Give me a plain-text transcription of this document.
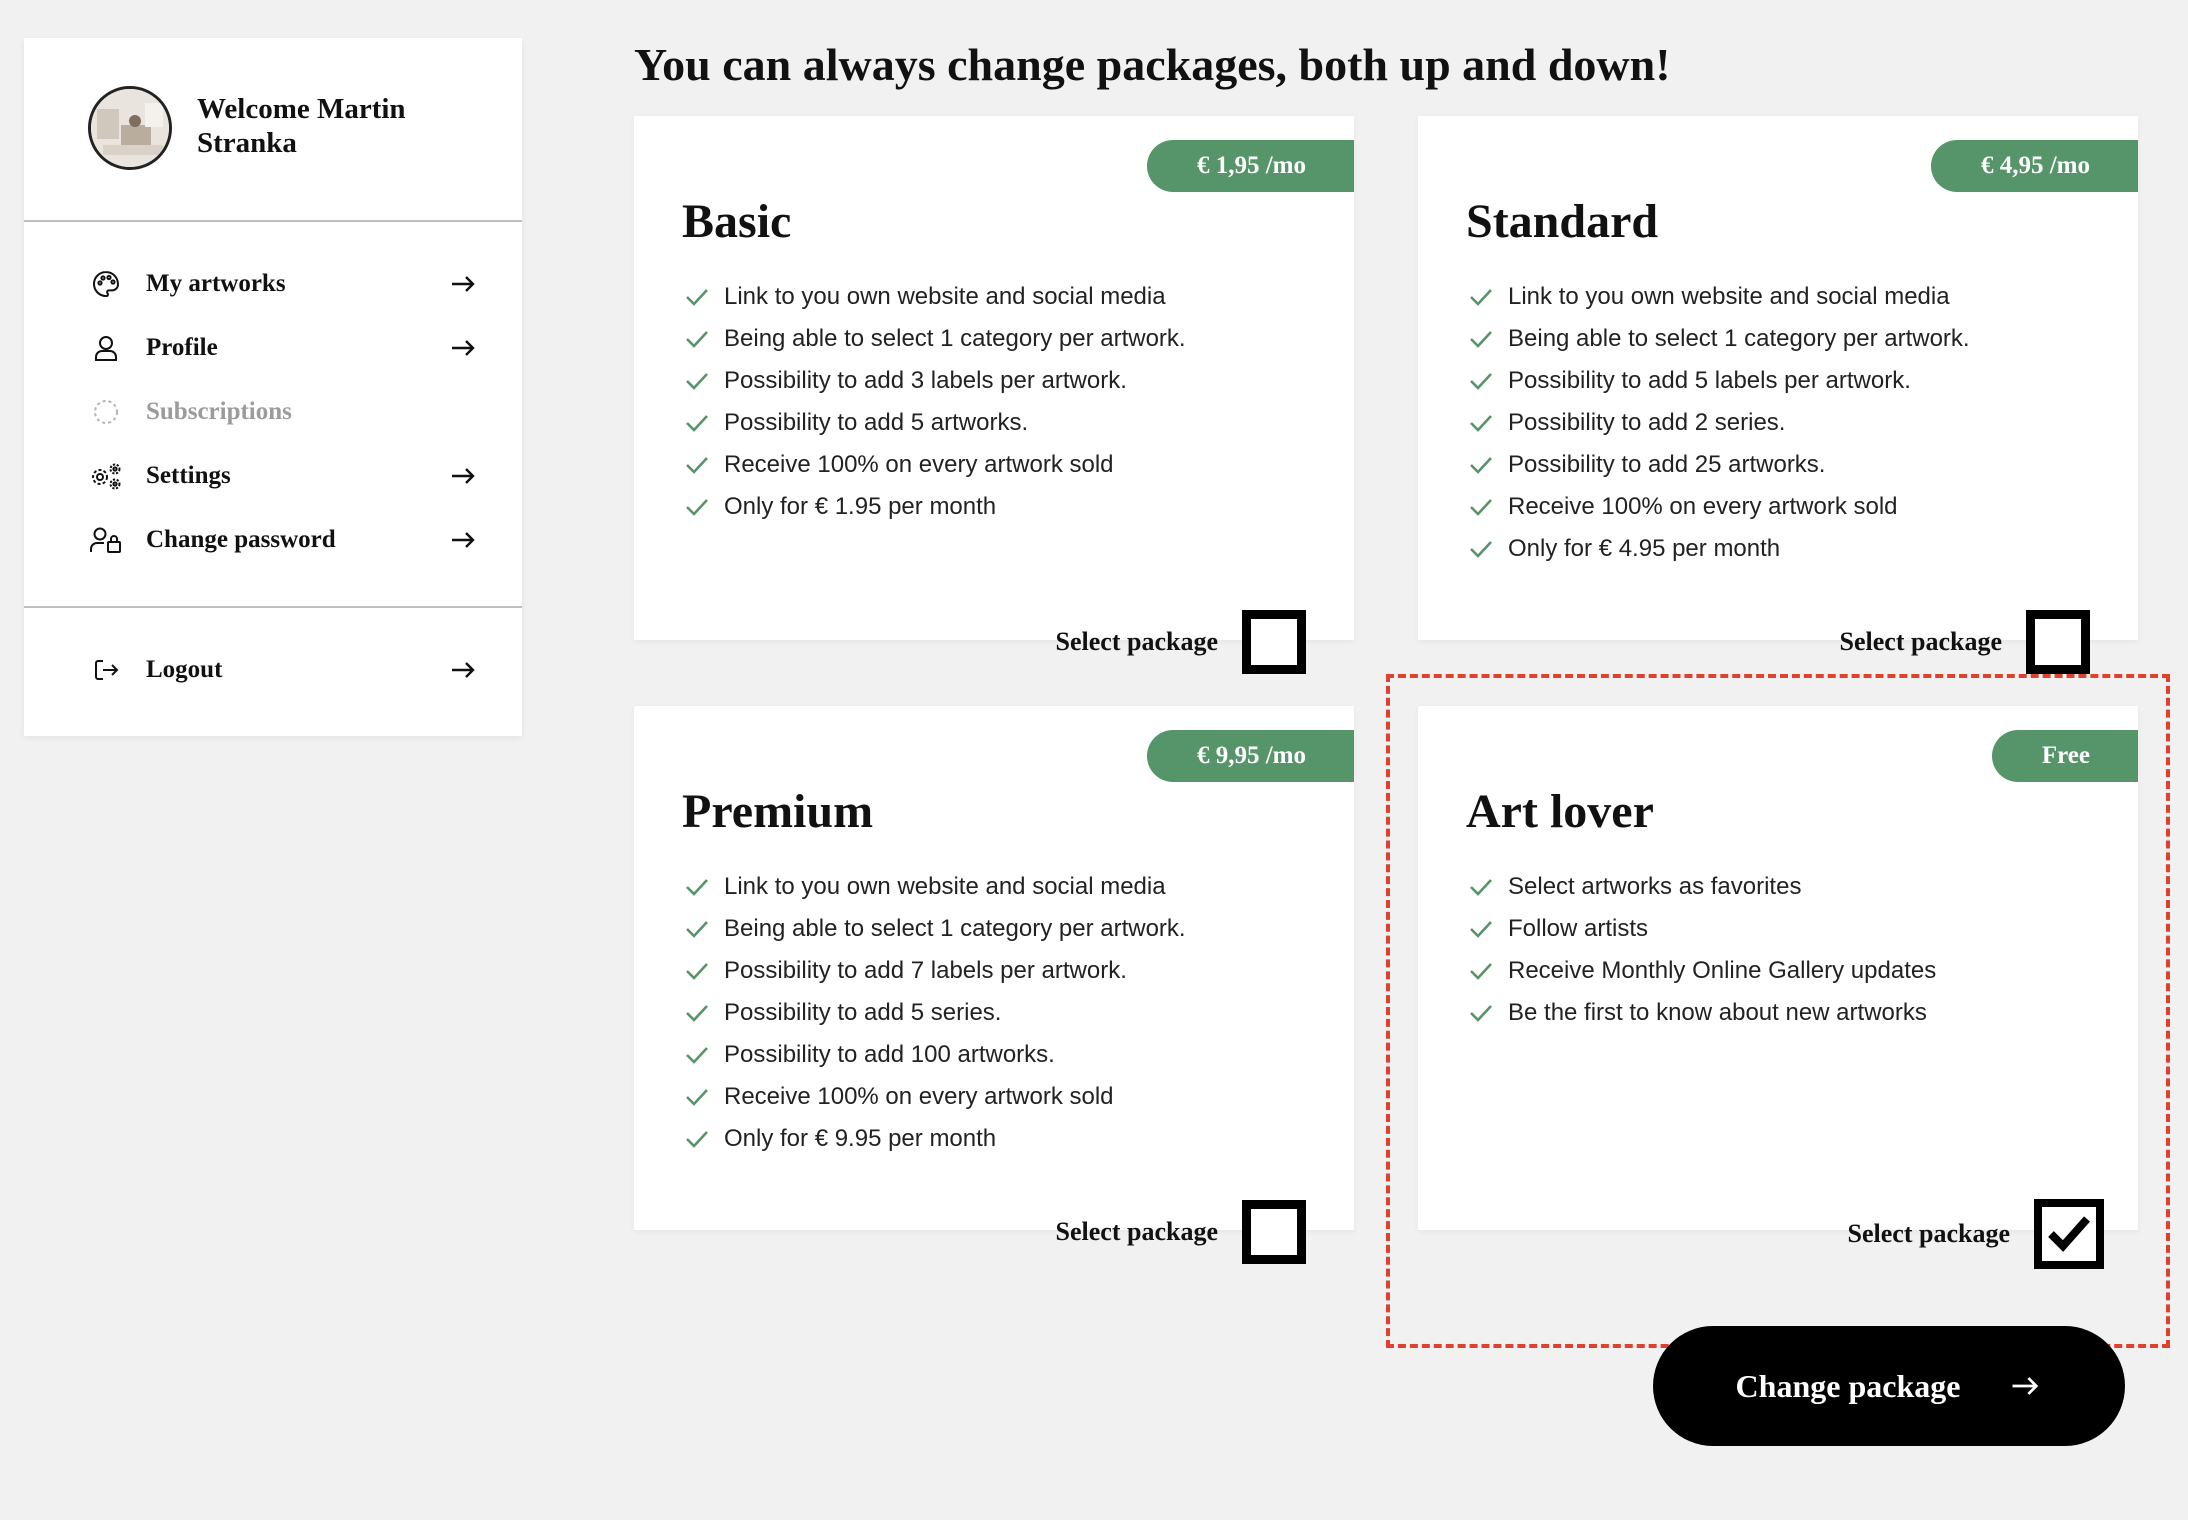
Welcome Martin Stranka
My artworks
Profile
Subscriptions
Settings
Change password
Logout
You can always change packages, both up and down!
€ 1,95 /mo
Basic
Link to you own website and social media
Being able to select 1 category per artwork.
Possibility to add 3 labels per artwork.
Possibility to add 5 artworks.
Receive 100% on every artwork sold
Only for € 1.95 per month
Select package
€ 4,95 /mo
Standard
Link to you own website and social media
Being able to select 1 category per artwork.
Possibility to add 5 labels per artwork.
Possibility to add 2 series.
Possibility to add 25 artworks.
Receive 100% on every artwork sold
Only for € 4.95 per month
Select package
€ 9,95 /mo
Premium
Link to you own website and social media
Being able to select 1 category per artwork.
Possibility to add 7 labels per artwork.
Possibility to add 5 series.
Possibility to add 100 artworks.
Receive 100% on every artwork sold
Only for € 9.95 per month
Select package
Free
Art lover
Select artworks as favorites
Follow artists
Receive Monthly Online Gallery updates
Be the first to know about new artworks
Select package
Change package
